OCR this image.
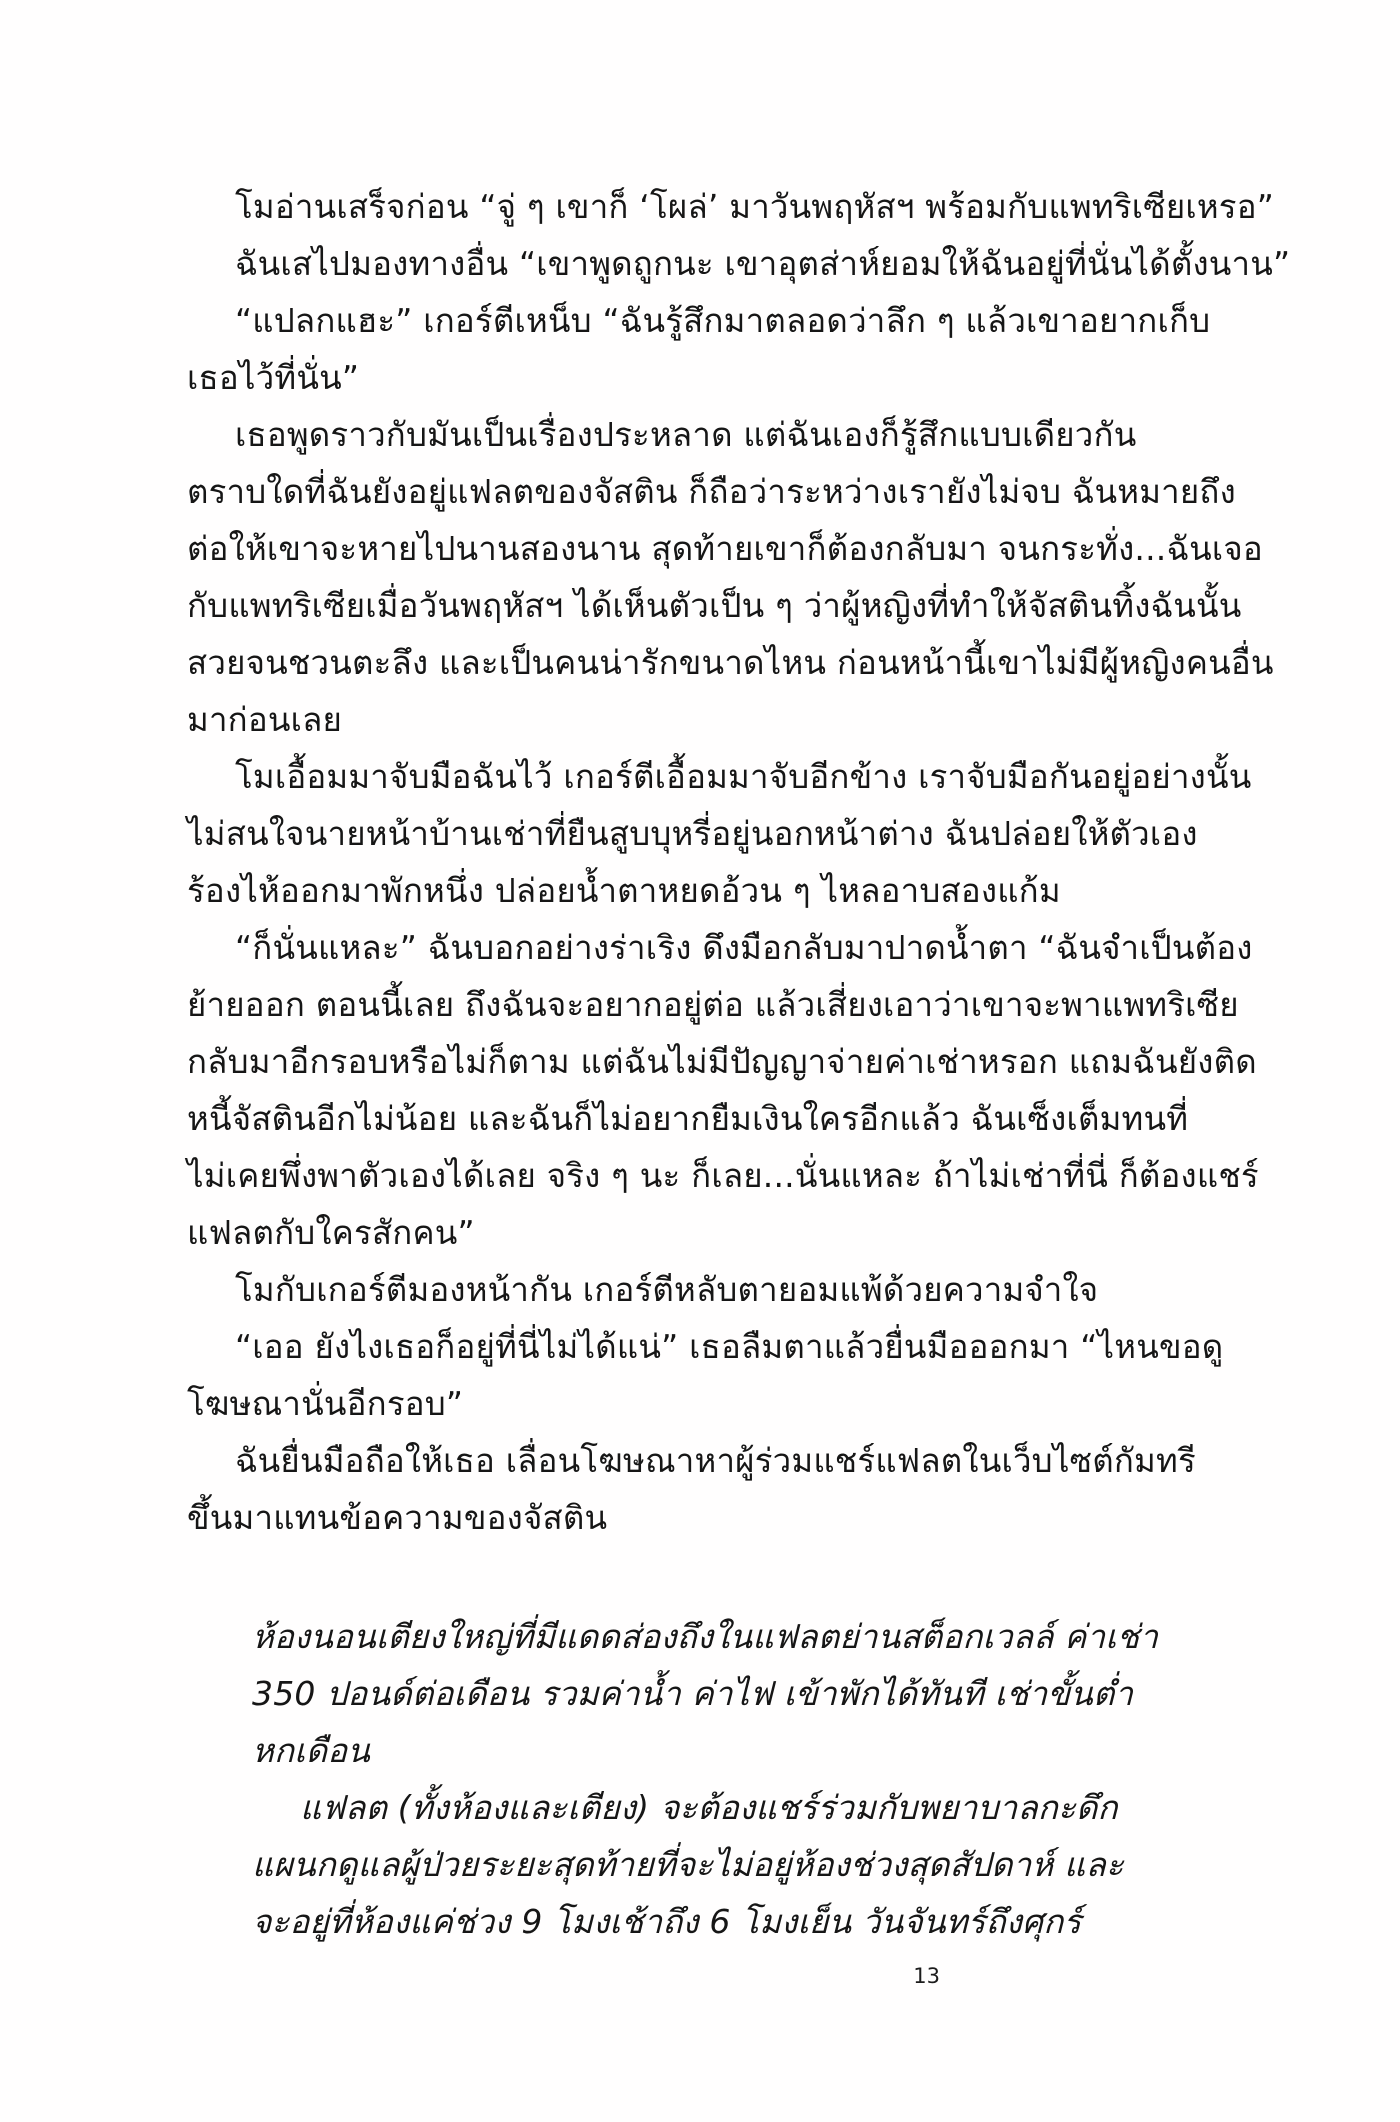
โมอ่านเสร็จก่อน “จู่ ๆ เขาก็ ‘โผล่’ มาวันพฤหัสฯ พร้อมกับแพทริเซียเหรอ”
ฉันเสไปมองทางอื่น “เขาพูดถูกนะ เขาอุตส่าห์ยอมให้ฉันอยู่ที่นั่นได้ตั้งนาน”
“แปลกแฮะ” เกอร์ตีเหน็บ “ฉันรู้สึกมาตลอดว่าลึก ๆ แล้วเขาอยากเก็บ
เธอไว้ที่นั่น”
เธอพูดราวกับมันเป็นเรื่องประหลาด แต่ฉันเองก็รู้สึกแบบเดียวกัน
ตราบใดที่ฉันยังอยู่แฟลตของจัสติน ก็ถือว่าระหว่างเรายังไม่จบ ฉันหมายถึง
ต่อให้เขาจะหายไปนานสองนาน สุดท้ายเขาก็ต้องกลับมา จนกระทั่ง...ฉันเจอ
กับแพทริเซียเมื่อวันพฤหัสฯ ได้เห็นตัวเป็น ๆ ว่าผู้หญิงที่ทำให้จัสตินทิ้งฉันนั้น
สวยจนชวนตะลึง และเป็นคนน่ารักขนาดไหน ก่อนหน้านี้เขาไม่มีผู้หญิงคนอื่น
มาก่อนเลย
โมเอื้อมมาจับมือฉันไว้ เกอร์ตีเอื้อมมาจับอีกข้าง เราจับมือกันอยู่อย่างนั้น
ไม่สนใจนายหน้าบ้านเช่าที่ยืนสูบบุหรี่อยู่นอกหน้าต่าง ฉันปล่อยให้ตัวเอง
ร้องไห้ออกมาพักหนึ่ง ปล่อยน้ำตาหยดอ้วน ๆ ไหลอาบสองแก้ม
“ก็นั่นแหละ” ฉันบอกอย่างร่าเริง ดึงมือกลับมาปาดน้ำตา “ฉันจำเป็นต้อง
ย้ายออก ตอนนี้เลย ถึงฉันจะอยากอยู่ต่อ แล้วเสี่ยงเอาว่าเขาจะพาแพทริเซีย
กลับมาอีกรอบหรือไม่ก็ตาม แต่ฉันไม่มีปัญญาจ่ายค่าเช่าหรอก แถมฉันยังติด
หนี้จัสตินอีกไม่น้อย และฉันก็ไม่อยากยืมเงินใครอีกแล้ว ฉันเซ็งเต็มทนที่
ไม่เคยพึ่งพาตัวเองได้เลย จริง ๆ นะ ก็เลย...นั่นแหละ ถ้าไม่เช่าที่นี่ ก็ต้องแชร์
แฟลตกับใครสักคน”
โมกับเกอร์ตีมองหน้ากัน เกอร์ตีหลับตายอมแพ้ด้วยความจำใจ
“เออ ยังไงเธอก็อยู่ที่นี่ไม่ได้แน่” เธอลืมตาแล้วยื่นมือออกมา “ไหนขอดู
โฆษณานั่นอีกรอบ”
ฉันยื่นมือถือให้เธอ เลื่อนโฆษณาหาผู้ร่วมแชร์แฟลตในเว็บไซต์กัมทรี
ขึ้นมาแทนข้อความของจัสติน
ห้องนอนเตียงใหญ่ที่มีแดดส่องถึงในแฟลตย่านสต็อกเวลล์ ค่าเช่า
350 ปอนด์ต่อเดือน รวมค่าน้ำ ค่าไฟ เข้าพักได้ทันที เช่าขั้นต่ำ
หกเดือน
แฟลต (ทั้งห้องและเตียง) จะต้องแชร์ร่วมกับพยาบาลกะดึก
แผนกดูแลผู้ป่วยระยะสุดท้ายที่จะไม่อยู่ห้องช่วงสุดสัปดาห์ และ
จะอยู่ที่ห้องแค่ช่วง 9 โมงเช้าถึง 6 โมงเย็น วันจันทร์ถึงศุกร์
13
